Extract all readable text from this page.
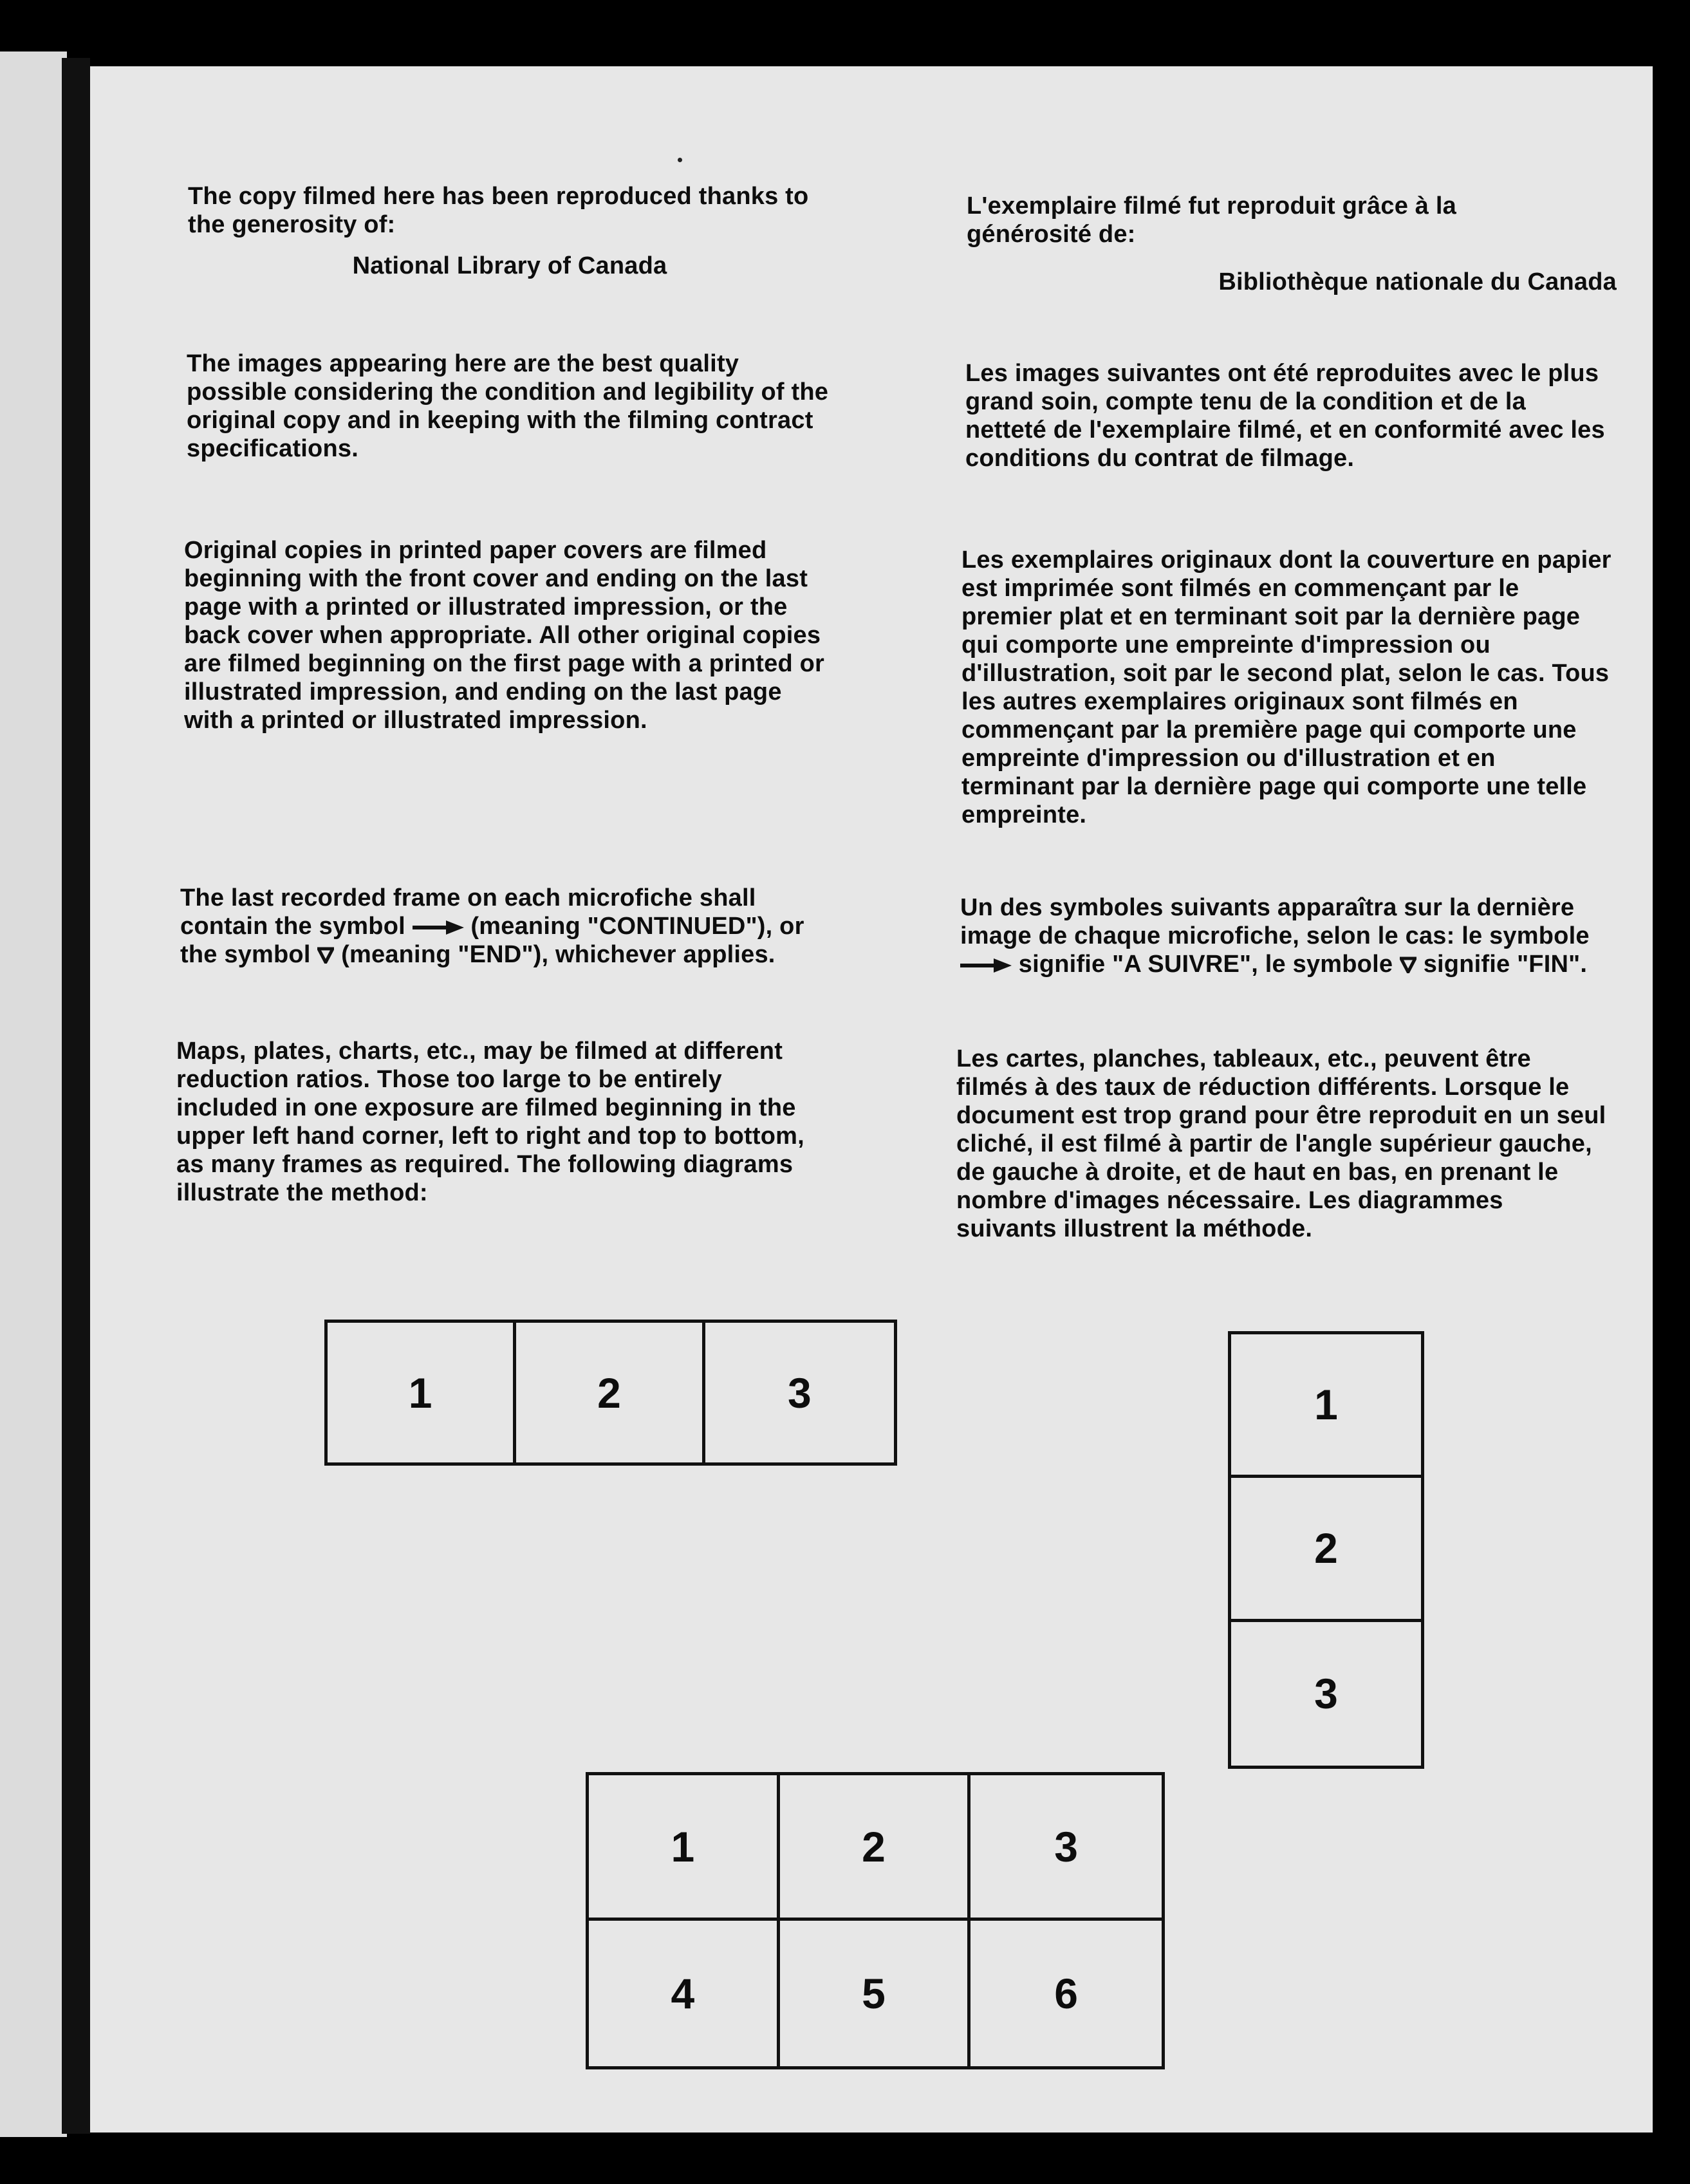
The copy filmed here has been reproduced thanks to the generosity of:

National Library of Canada

The images appearing here are the best quality possible considering the condition and legibility of the original copy and in keeping with the filming contract specifications.

Original copies in printed paper covers are filmed beginning with the front cover and ending on the last page with a printed or illustrated impression, or the back cover when appropriate. All other original copies are filmed beginning on the first page with a printed or illustrated impression, and ending on the last page with a printed or illustrated impression.

The last recorded frame on each microfiche shall contain the symbol	(meaning "CONTINUED"), or the symbol (meaning "END"), whichever applies.

Maps, plates, charts, etc., may be filmed at different reduction ratios. Those too large to be entirely included in one exposure are filmed beginning in the upper left hand corner, left to right and top to bottom, as many frames as required. The following diagrams illustrate the method:

L'exemplaire filmé fut reproduit grâce à la générosité de:

Bibliothèque nationale du Canada

Les images suivantes ont été reproduites avec le plus grand soin, compte tenu de la condition et de la netteté de l'exemplaire filmé, et en conformité avec les conditions du contrat de filmage.

Les exemplaires originaux dont la couverture en papier est imprimée sont filmés en commençant par le premier plat et en terminant soit par la dernière page qui comporte une empreinte d'impression ou d'illustration, soit par le second plat, selon le cas. Tous les autres exemplaires originaux sont filmés en commençant par la première page qui comporte une empreinte d'impression ou d'illustration et en terminant par la dernière page qui comporte une telle empreinte.

Un des symboles suivants apparaîtra sur la dernière image de chaque microfiche, selon le cas: le symbole  signifie "A SUIVRE", le symbole signifie "FIN".

Les cartes, planches, tableaux, etc., peuvent être filmés à des taux de réduction différents. Lorsque le document est trop grand pour être reproduit en un seul cliché, il est filmé à partir de l'angle supérieur gauche, de gauche à droite, et de haut en bas, en prenant le nombre d'images nécessaire. Les diagrammes suivants illustrent la méthode.

1	2	3	1
2
3
1	2	3
4	5	6
